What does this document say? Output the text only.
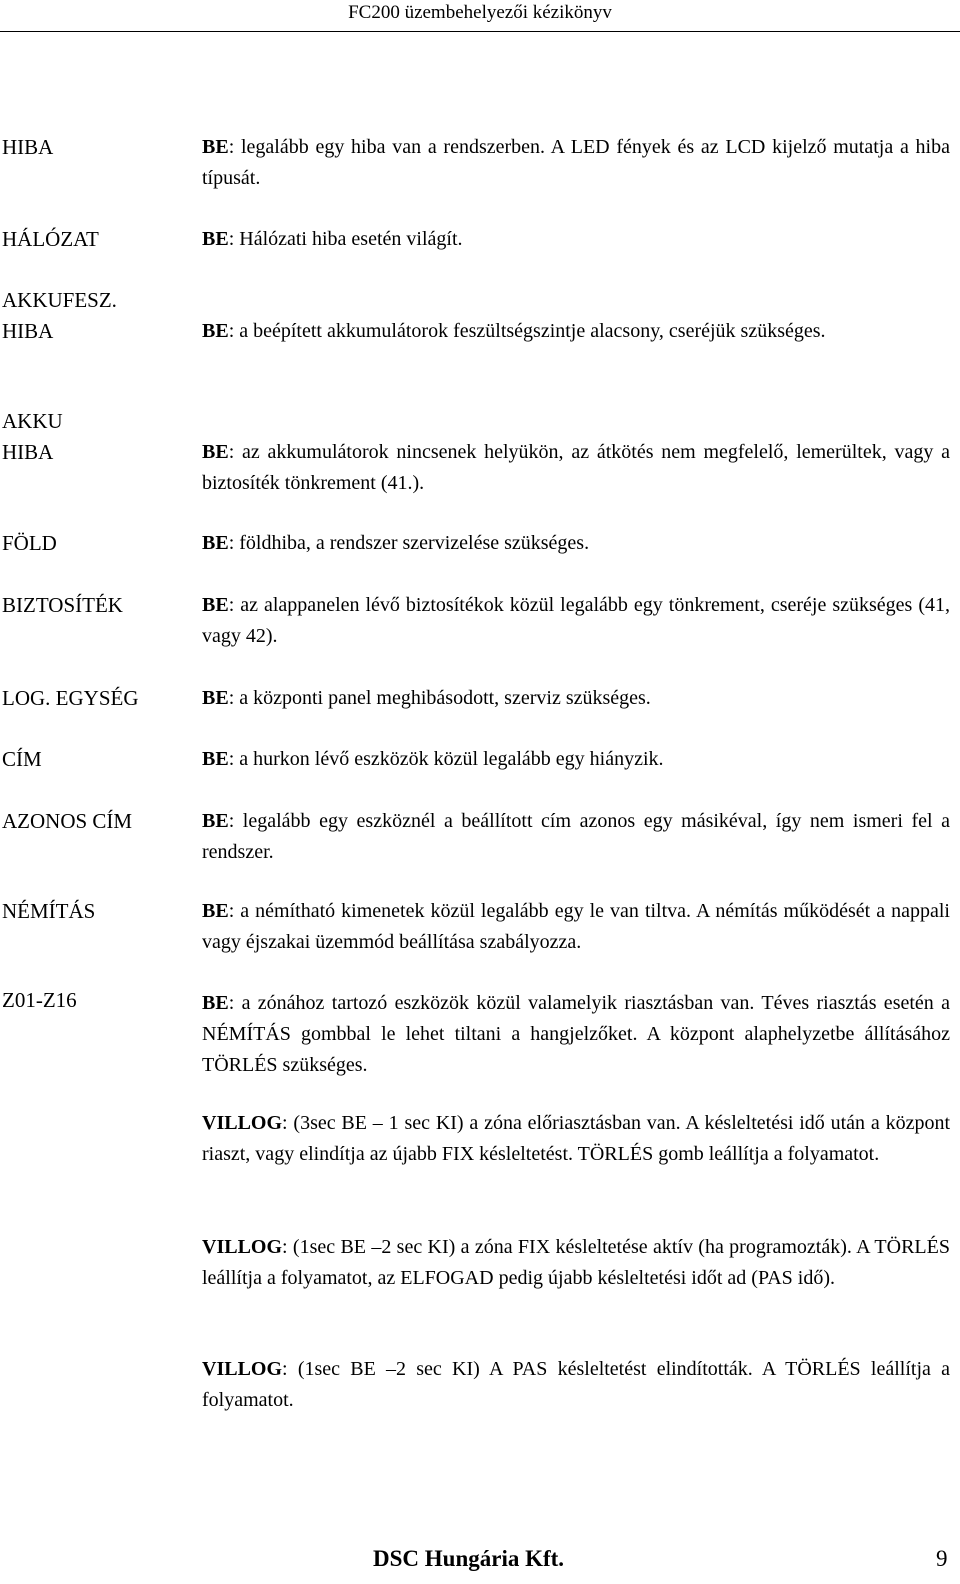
FC200 üzembehelyezői kézikönyv
HIBA	BE: legalább egy hiba van a rendszerben. A LED fények és az LCD kijelző mutatja a hiba típusát.
HÁLÓZAT	BE: Hálózati hiba esetén világít.
AKKUFESZ.
HIBA	BE: a beépített akkumulátorok feszültségszintje alacsony, cseréjük szükséges.
AKKU
HIBA	BE: az akkumulátorok nincsenek helyükön, az átkötés nem megfelelő, lemerültek, vagy a biztosíték tönkrement (41.).
FÖLD	BE: földhiba, a rendszer szervizelése szükséges.
BIZTOSÍTÉK	BE: az alappanelen lévő biztosítékok közül legalább egy tönkrement, cseréje szükséges (41, vagy 42).
LOG. EGYSÉG	BE: a központi panel meghibásodott, szerviz szükséges.
CÍM	BE: a hurkon lévő eszközök közül legalább egy hiányzik.
AZONOS CÍM	BE: legalább egy eszköznél a beállított cím azonos egy másikéval, így nem ismeri fel a rendszer.
NÉMÍTÁS	BE: a némítható kimenetek közül legalább egy le van tiltva. A némítás működését a nappali vagy éjszakai üzemmód beállítása szabályozza.
Z01-Z16	BE: a zónához tartozó eszközök közül valamelyik riasztásban van. Téves riasztás esetén a NÉMÍTÁS gombbal le lehet tiltani a hangjelzőket. A központ alaphelyzetbe állításához TÖRLÉS szükséges.
VILLOG: (3sec BE – 1 sec KI) a zóna előriasztásban van. A késleltetési idő után a központ riaszt, vagy elindítja az újabb FIX késleltetést. TÖRLÉS gomb leállítja a folyamatot.
VILLOG: (1sec BE –2 sec KI) a zóna FIX késleltetése aktív (ha programozták). A TÖRLÉS leállítja a folyamatot, az ELFOGAD pedig újabb késleltetési időt ad (PAS idő).
VILLOG: (1sec BE –2 sec KI) A PAS késleltetést elindították. A TÖRLÉS leállítja a folyamatot.
DSC Hungária Kft.	9
